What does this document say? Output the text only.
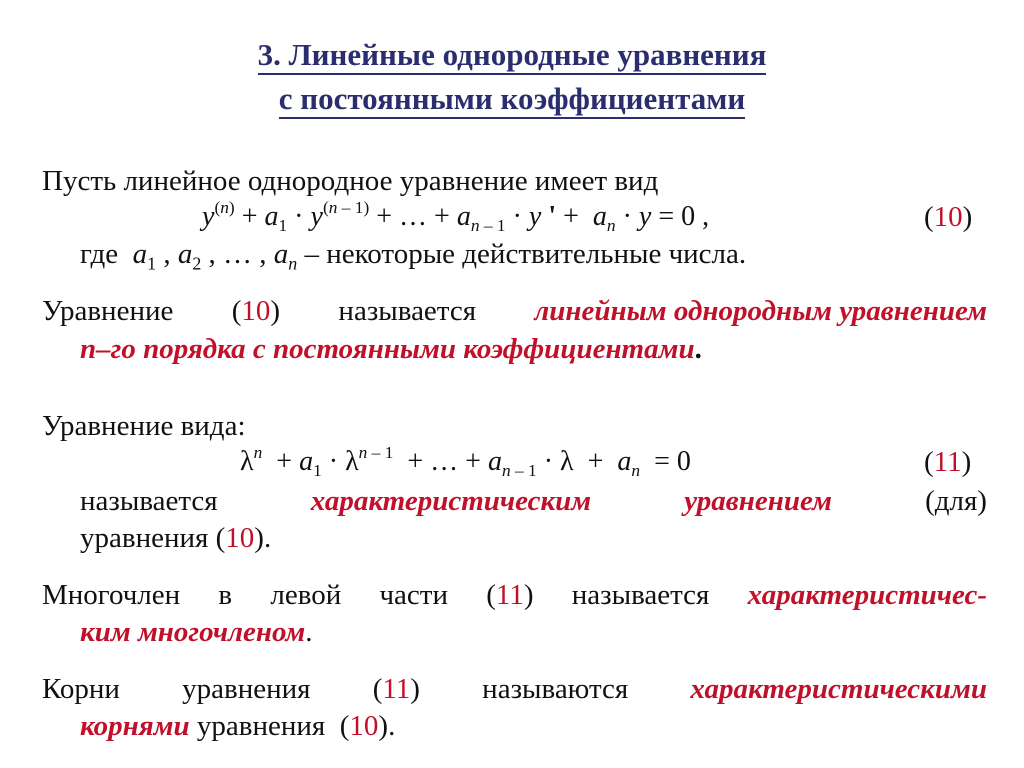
3. Линейные однородные уравнения
с постоянными коэффициентами
Пусть линейное однородное уравнение имеет вид
$y^{(n)} + a_1 \cdot y^{(n - 1)}$ + … + $a_{n - 1} \cdot y$ ' +  $a_n \cdot y = 0$ ,	(10)
где $a_1$ , $a_2$ , … , $a_n$ – некоторые действительные числа.
Уравнение (10) называется линейным однородным уравнением
n–го порядка с постоянными коэффициентами.
Уравнение вида:
$\lambda^n + a_1 \cdot \lambda^{n - 1}$  + … + $a_{n - 1} \cdot \lambda + a_n = 0$	(11)
называется	характеристическим	уравнением	(для)
уравнения (10).
Многочлен в левой части (11) называется характеристичес-
ким многочленом.
Корни уравнения (11) называются характеристическими
корнями уравнения  (10).
